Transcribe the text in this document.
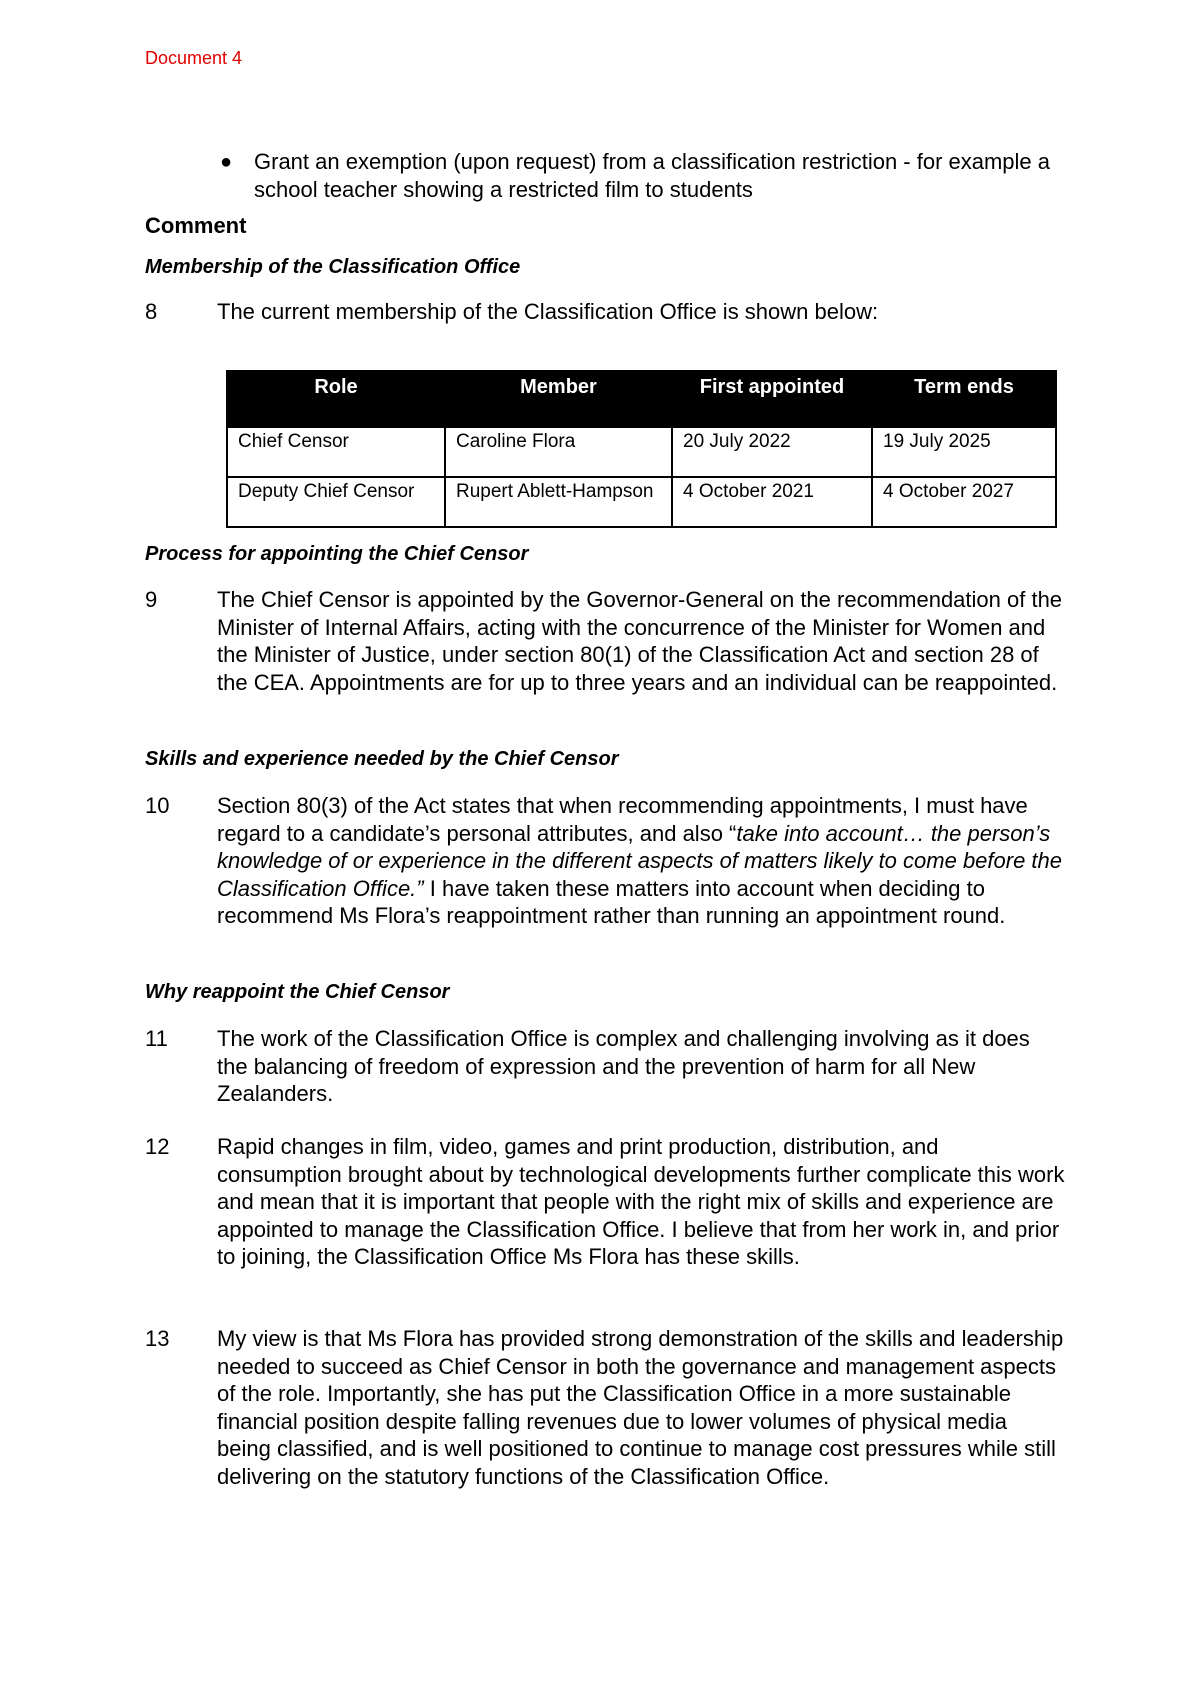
Document 4
● Grant an exemption (upon request) from a classification restriction - for example a school teacher showing a restricted film to students
Comment
Membership of the Classification Office
8	The current membership of the Classification Office is shown below:
Role	Member	First appointed	Term ends
Chief Censor	Caroline Flora	20 July 2022	19 July 2025
Deputy Chief Censor	Rupert Ablett-Hampson	4 October 2021	4 October 2027
Process for appointing the Chief Censor
9	The Chief Censor is appointed by the Governor-General on the recommendation of the Minister of Internal Affairs, acting with the concurrence of the Minister for Women and the Minister of Justice, under section 80(1) of the Classification Act and section 28 of the CEA. Appointments are for up to three years and an individual can be reappointed.
Skills and experience needed by the Chief Censor
10	Section 80(3) of the Act states that when recommending appointments, I must have regard to a candidate’s personal attributes, and also “take into account… the person’s knowledge of or experience in the different aspects of matters likely to come before the Classification Office.” I have taken these matters into account when deciding to recommend Ms Flora’s reappointment rather than running an appointment round.
Why reappoint the Chief Censor
11	The work of the Classification Office is complex and challenging involving as it does the balancing of freedom of expression and the prevention of harm for all New Zealanders.
12	Rapid changes in film, video, games and print production, distribution, and consumption brought about by technological developments further complicate this work and mean that it is important that people with the right mix of skills and experience are appointed to manage the Classification Office. I believe that from her work in, and prior to joining, the Classification Office Ms Flora has these skills.
13	My view is that Ms Flora has provided strong demonstration of the skills and leadership needed to succeed as Chief Censor in both the governance and management aspects of the role. Importantly, she has put the Classification Office in a more sustainable financial position despite falling revenues due to lower volumes of physical media being classified, and is well positioned to continue to manage cost pressures while still delivering on the statutory functions of the Classification Office.
